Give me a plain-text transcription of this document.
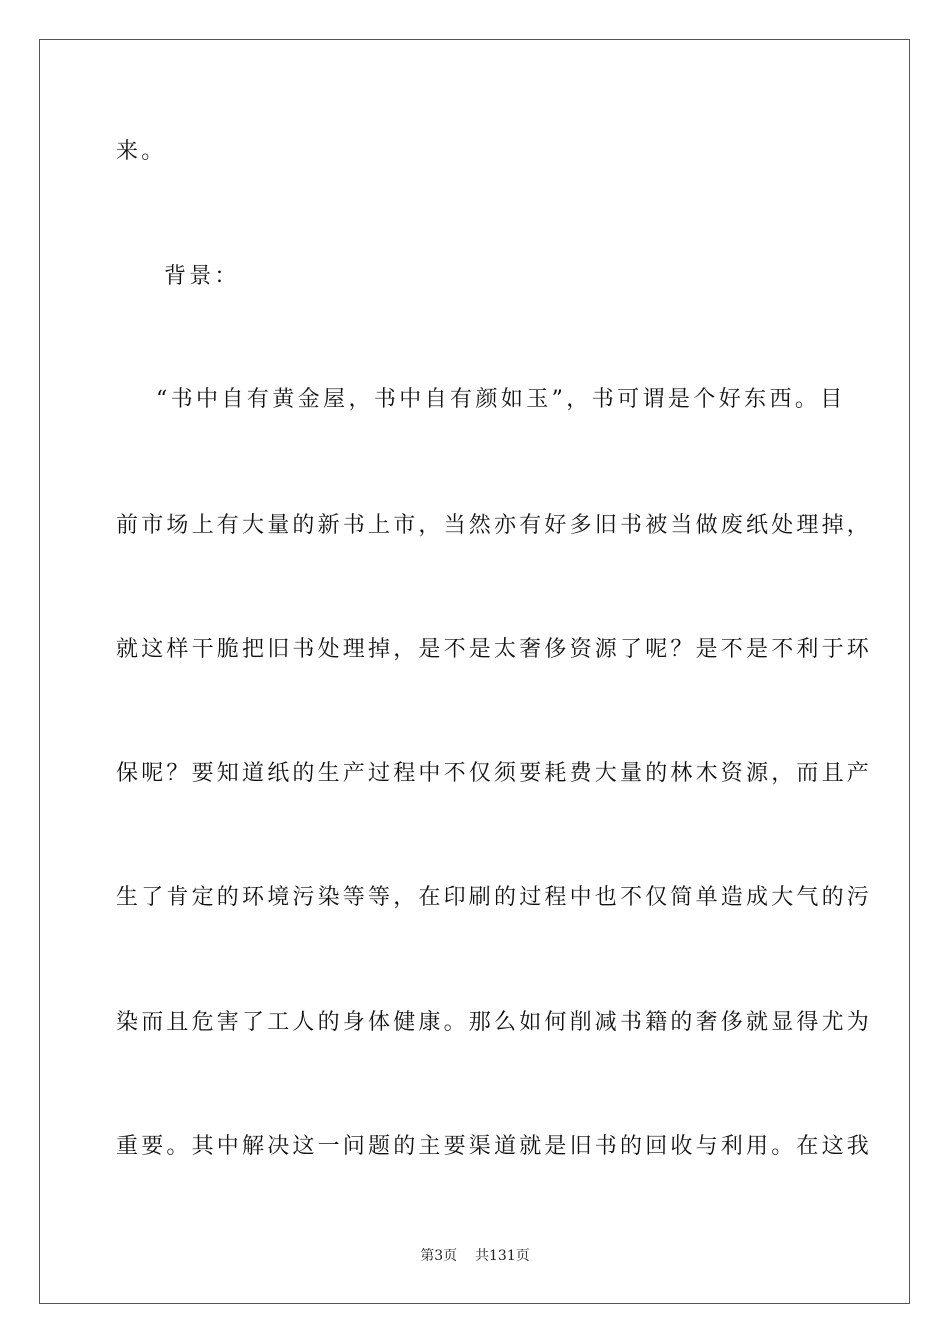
来。
背景：
“书中自有黄金屋，书中自有颜如玉”，书可谓是个好东西。目
前市场上有大量的新书上市，当然亦有好多旧书被当做废纸处理掉，
就这样干脆把旧书处理掉，是不是太奢侈资源了呢？是不是不利于环
保呢？要知道纸的生产过程中不仅须要耗费大量的林木资源，而且产
生了肯定的环境污染等等，在印刷的过程中也不仅简单造成大气的污
染而且危害了工人的身体健康。那么如何削减书籍的奢侈就显得尤为
重要。其中解决这一问题的主要渠道就是旧书的回收与利用。在这我
第3页 共131页
